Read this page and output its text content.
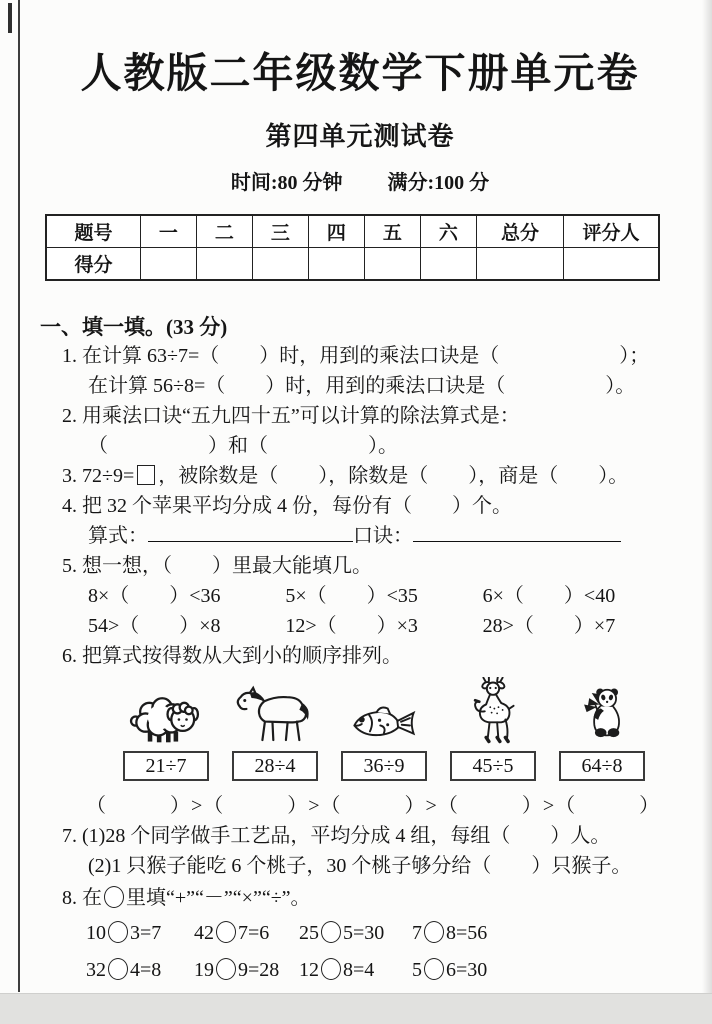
人教版二年级数学下册单元卷
第四单元测试卷
时间:80 分钟 满分:100 分
题号	一	二	三	四	五	六	总分	评分人
得分								
一、填一填。(33 分)
1. 在计算 63÷7=（　　）时，用到的乘法口诀是（　　　　　　）；
在计算 56÷8=（　　）时，用到的乘法口诀是（　　　　　）。
2. 用乘法口诀“五九四十五”可以计算的除法算式是：
（　　　　　）和（　　　　　）。
3. 72÷9= ，被除数是（　　），除数是（　　），商是（　　）。
4. 把 32 个苹果平均分成 4 份，每份有（　　）个。
算式：	口诀：
5. 想一想，（　　）里最大能填几。
8×（　　）<36	5×（　　）<35	6×（　　）<40
54>（　　）×8	12>（　　）×3	28>（　　）×7
6. 把算式按得数从大到小的顺序排列。
21÷7	28÷4	36÷9	45÷5	64÷8
（　　　）>（　　　）>（　　　）>（　　　）>（　　　）
7. (1)28 个同学做手工艺品，平均分成 4 组，每组（　　）人。
(2)1 只猴子能吃 6 个桃子，30 个桃子够分给（　　）只猴子。
8. 在 里填“+”“－”“×”“÷”。
10 3=7	42 7=6	25 5=30	7 8=56
32 4=8	19 9=28 12 8=4	5 6=30
